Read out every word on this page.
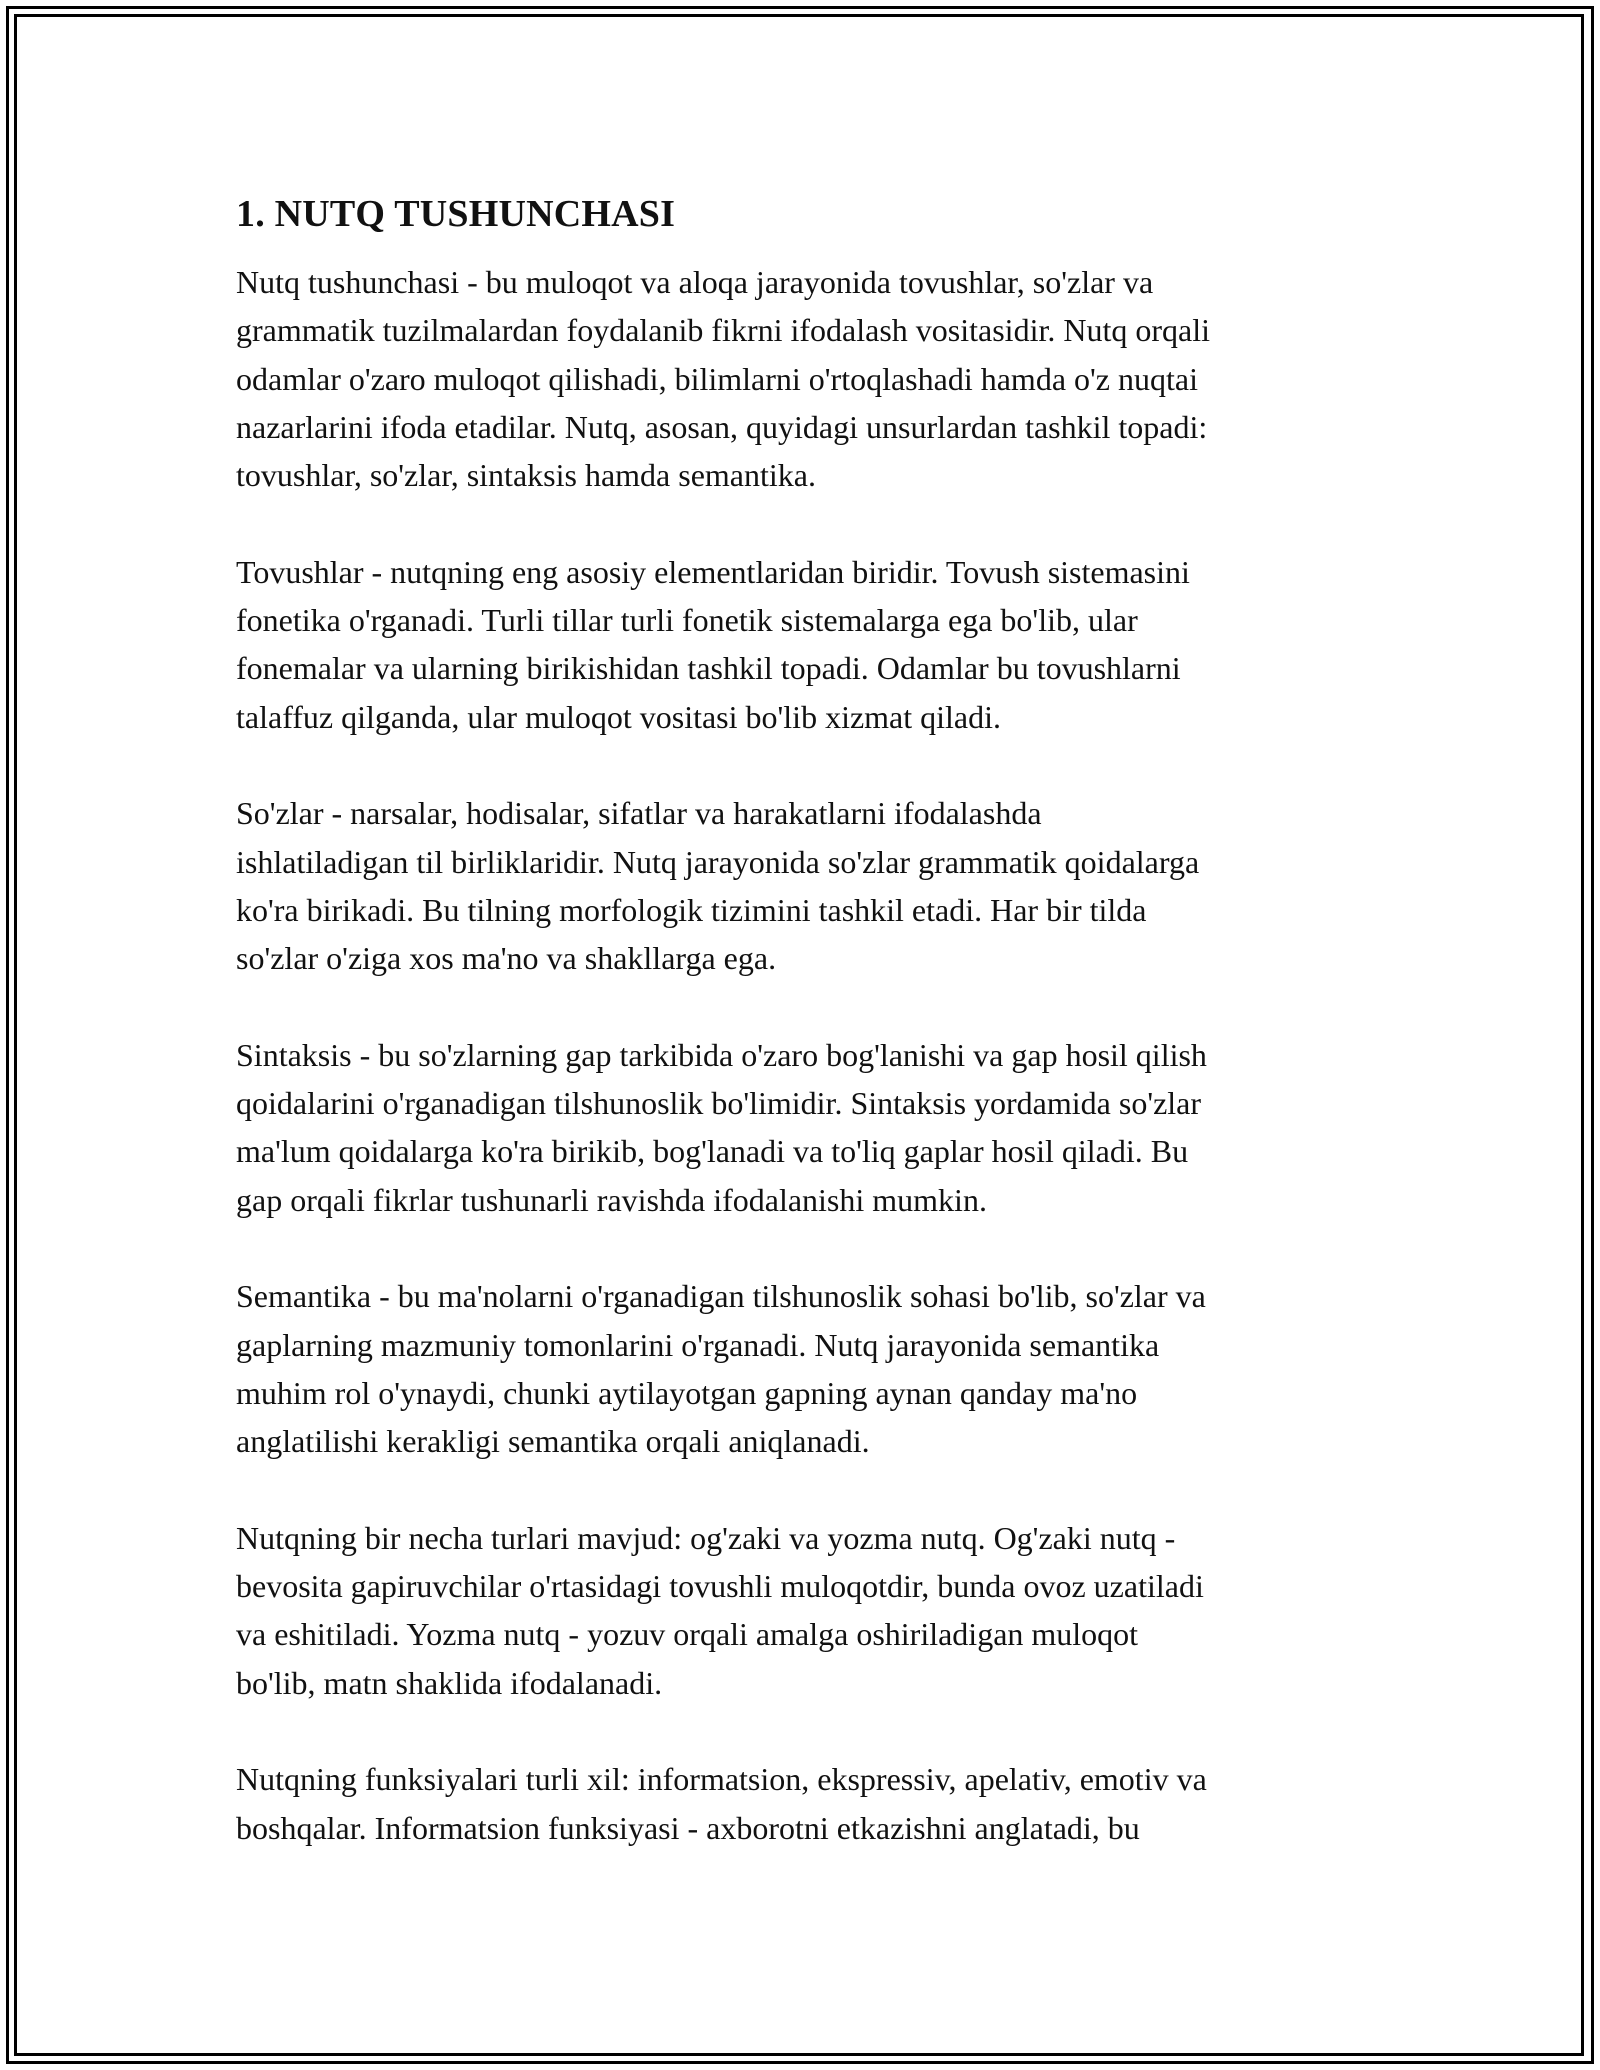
1. NUTQ TUSHUNCHASI
Nutq tushunchasi - bu muloqot va aloqa jarayonida tovushlar, so'zlar va
grammatik tuzilmalardan foydalanib fikrni ifodalash vositasidir. Nutq orqali
odamlar o'zaro muloqot qilishadi, bilimlarni o'rtoqlashadi hamda o'z nuqtai
nazarlarini ifoda etadilar. Nutq, asosan, quyidagi unsurlardan tashkil topadi:
tovushlar, so'zlar, sintaksis hamda semantika.
Tovushlar - nutqning eng asosiy elementlaridan biridir. Tovush sistemasini
fonetika o'rganadi. Turli tillar turli fonetik sistemalarga ega bo'lib, ular
fonemalar va ularning birikishidan tashkil topadi. Odamlar bu tovushlarni
talaffuz qilganda, ular muloqot vositasi bo'lib xizmat qiladi.
So'zlar - narsalar, hodisalar, sifatlar va harakatlarni ifodalashda
ishlatiladigan til birliklaridir. Nutq jarayonida so'zlar grammatik qoidalarga
ko'ra birikadi. Bu tilning morfologik tizimini tashkil etadi. Har bir tilda
so'zlar o'ziga xos ma'no va shakllarga ega.
Sintaksis - bu so'zlarning gap tarkibida o'zaro bog'lanishi va gap hosil qilish
qoidalarini o'rganadigan tilshunoslik bo'limidir. Sintaksis yordamida so'zlar
ma'lum qoidalarga ko'ra birikib, bog'lanadi va to'liq gaplar hosil qiladi. Bu
gap orqali fikrlar tushunarli ravishda ifodalanishi mumkin.
Semantika - bu ma'nolarni o'rganadigan tilshunoslik sohasi bo'lib, so'zlar va
gaplarning mazmuniy tomonlarini o'rganadi. Nutq jarayonida semantika
muhim rol o'ynaydi, chunki aytilayotgan gapning aynan qanday ma'no
anglatilishi kerakligi semantika orqali aniqlanadi.
Nutqning bir necha turlari mavjud: og'zaki va yozma nutq. Og'zaki nutq -
bevosita gapiruvchilar o'rtasidagi tovushli muloqotdir, bunda ovoz uzatiladi
va eshitiladi. Yozma nutq - yozuv orqali amalga oshiriladigan muloqot
bo'lib, matn shaklida ifodalanadi.
Nutqning funksiyalari turli xil: informatsion, ekspressiv, apelativ, emotiv va
boshqalar. Informatsion funksiyasi - axborotni etkazishni anglatadi, bu
